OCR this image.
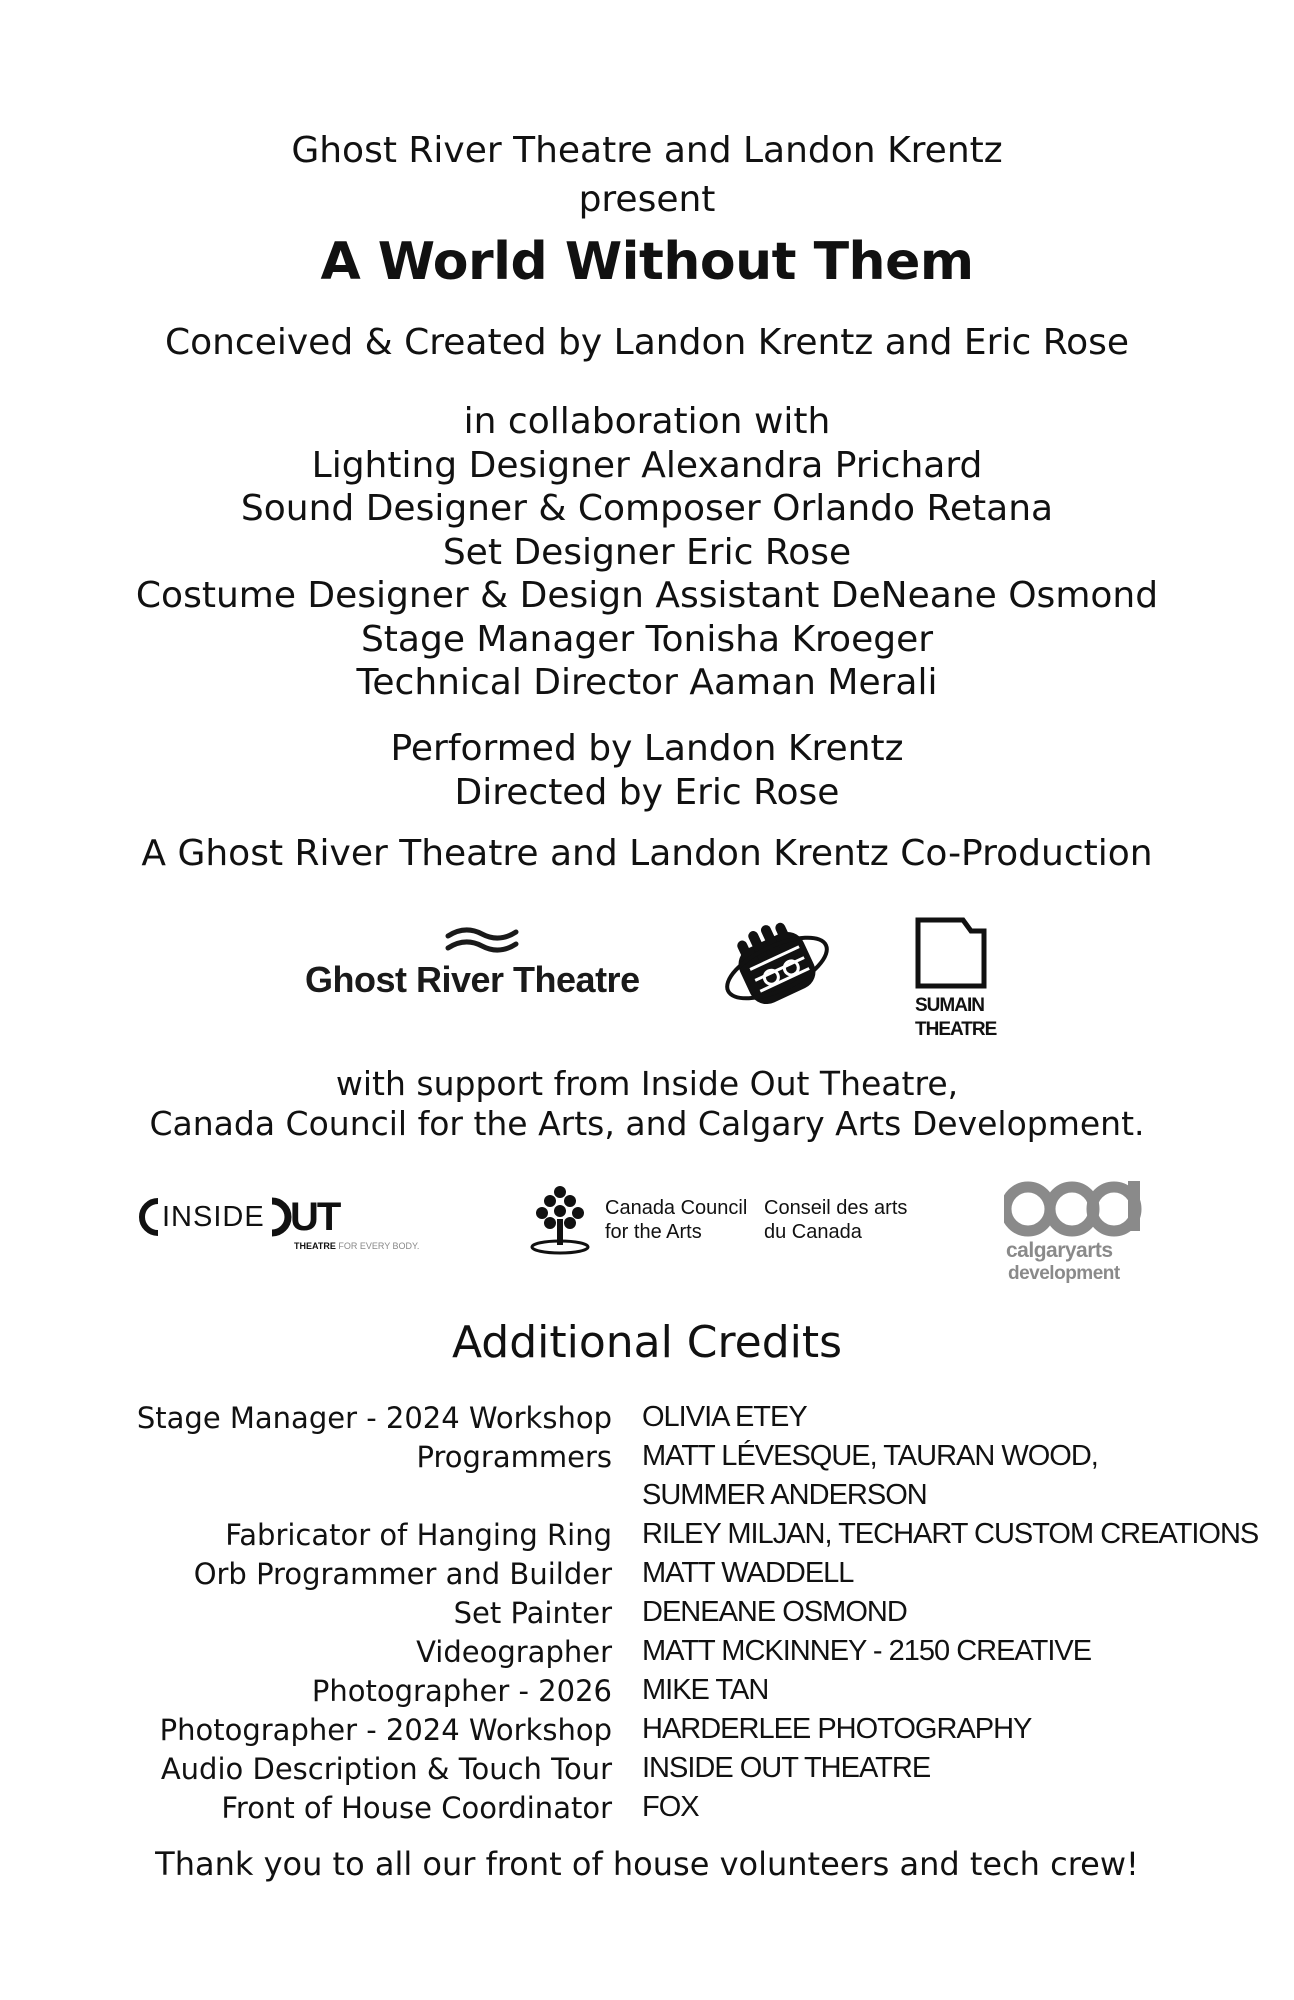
Ghost River Theatre and Landon Krentz
present
A World Without Them
Conceived & Created by Landon Krentz and Eric Rose
in collaboration with
Lighting Designer Alexandra Prichard
Sound Designer & Composer Orlando Retana
Set Designer Eric Rose
Costume Designer & Design Assistant DeNeane Osmond
Stage Manager Tonisha Kroeger
Technical Director Aaman Merali
Performed by Landon Krentz
Directed by Eric Rose
A Ghost River Theatre and Landon Krentz Co-Production
Ghost River Theatre
SUMAIN
THEATRE
with support from Inside Out Theatre,
Canada Council for the Arts, and Calgary Arts Development.
INSIDE UT
THEATRE FOR EVERY BODY.
Canada Council
for the Arts
Conseil des arts
du Canada
calgaryarts
development
Additional Credits
Stage Manager - 2024 Workshop OLIVIA ETEY
Programmers MATT LÉVESQUE, TAURAN WOOD,
SUMMER ANDERSON
Fabricator of Hanging Ring RILEY MILJAN, TECHART CUSTOM CREATIONS
Orb Programmer and Builder MATT WADDELL
Set Painter DENEANE OSMOND
Videographer MATT MCKINNEY - 2150 CREATIVE
Photographer - 2026 MIKE TAN
Photographer - 2024 Workshop HARDERLEE PHOTOGRAPHY
Audio Description & Touch Tour INSIDE OUT THEATRE
Front of House Coordinator FOX
Thank you to all our front of house volunteers and tech crew!
